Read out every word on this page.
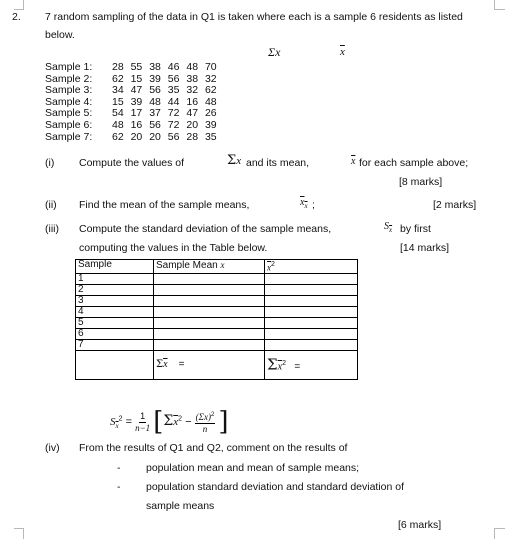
2. 7 random sampling of the data in Q1 is taken where each is a sample 6 residents as listed
below.
Σx	$\overline{x}$
Sample 1:	28 55 38 46 48 70
Sample 2:	62 15 39 56 38 32
Sample 3:	34 47 56 35 32 62
Sample 4:	15 39 48 44 16 48
Sample 5:	54 17 37 72 47 26
Sample 6:	48 16 56 72 20 39
Sample 7:	62 20 20 56 28 35
(i) Compute the values of	Σx and its mean,	$\overline{x}$ for each sample above;
[8 marks]
(ii) Find the mean of the sample means,	$\overline{x}_{\overline{x}}$ ;	[2 marks]
(iii) Compute the standard deviation of the sample means,	$S_{\overline{x}}$ by first
computing the values in the Table below.	[14 marks]
Sample	Sample Mean $\overline{x}$	$\overline{x}^2$
1		
2		
3		
4		
5		
6		
7		
	$\Sigma\overline{x}$ =	$\Sigma\overline{x}^2$ =
$S_{\overline{x}}^2 = \frac{1}{n-1} [\Sigma\overline{x}^2 - \frac{(\Sigma x)^2}{n}$ ]
(iv) From the results of Q1 and Q2, comment on the results of
- population mean and mean of sample means;
- population standard deviation and standard deviation of
sample means
[6 marks]
